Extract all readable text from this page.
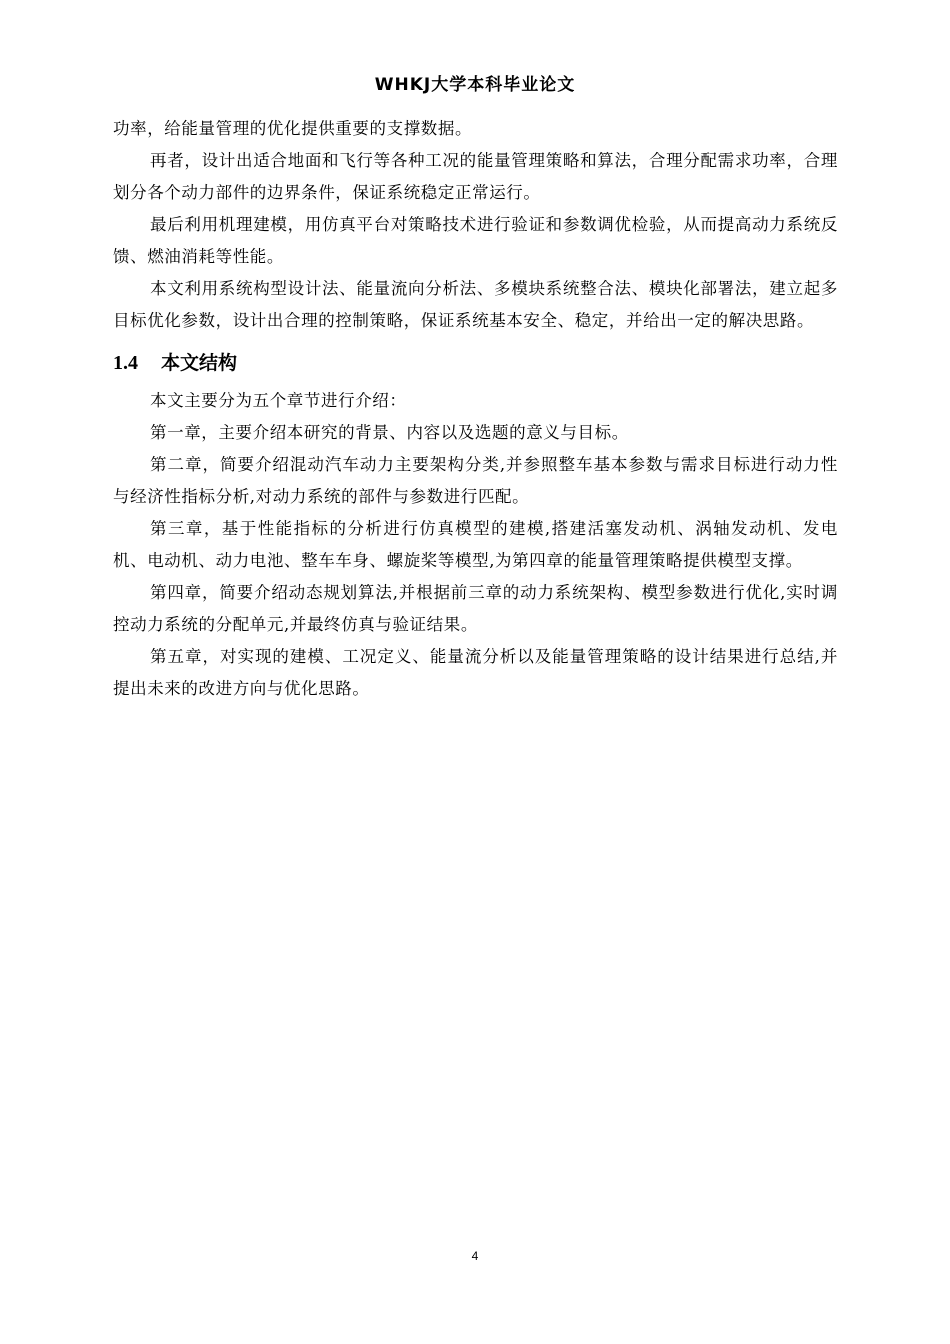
WHKJ大学本科毕业论文

功率，给能量管理的优化提供重要的支撑数据。

再者，设计出适合地面和飞行等各种工况的能量管理策略和算法，合理分配需求功率，合理划分各个动力部件的边界条件，保证系统稳定正常运行。

最后利用机理建模，用仿真平台对策略技术进行验证和参数调优检验，从而提高动力系统反馈、燃油消耗等性能。

本文利用系统构型设计法、能量流向分析法、多模块系统整合法、模块化部署法，建立起多目标优化参数，设计出合理的控制策略，保证系统基本安全、稳定，并给出一定的解决思路。

1.4	本文结构

本文主要分为五个章节进行介绍：

第一章，主要介绍本研究的背景、内容以及选题的意义与目标。

第二章，简要介绍混动汽车动力主要架构分类,并参照整车基本参数与需求目标进行动力性与经济性指标分析,对动力系统的部件与参数进行匹配。

第三章，基于性能指标的分析进行仿真模型的建模,搭建活塞发动机、涡轴发动机、发电机、电动机、动力电池、整车车身、螺旋桨等模型,为第四章的能量管理策略提供模型支撑。

第四章，简要介绍动态规划算法,并根据前三章的动力系统架构、模型参数进行优化,实时调控动力系统的分配单元,并最终仿真与验证结果。

第五章，对实现的建模、工况定义、能量流分析以及能量管理策略的设计结果进行总结,并提出未来的改进方向与优化思路。

4
